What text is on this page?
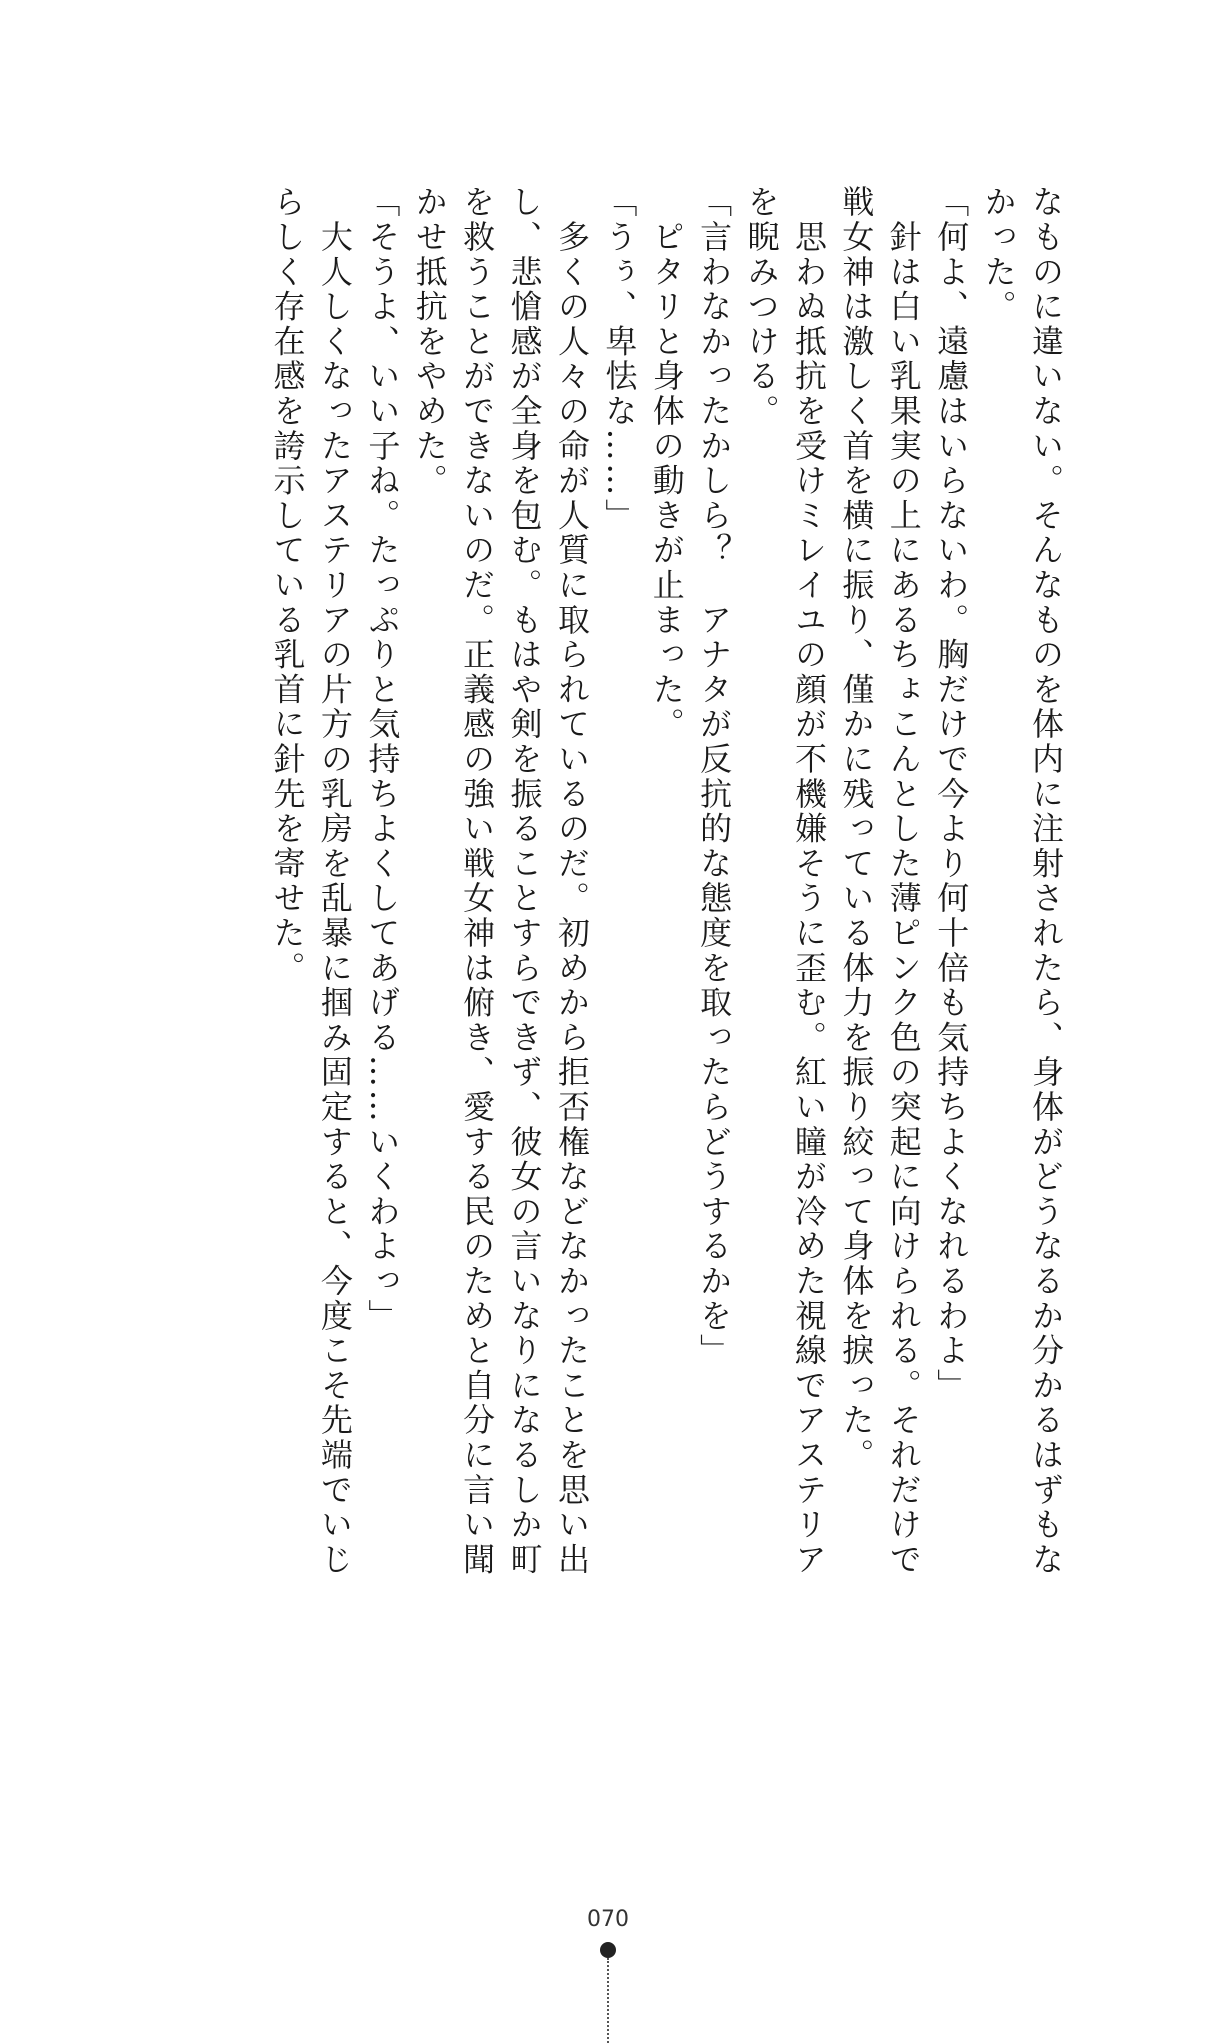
なものに違いない。そんなものを体内に注射されたら、身体がどうなるか分かるはずもな
かった。
「何よ、遠慮はいらないわ。胸だけで今より何十倍も気持ちよくなれるわよ」
　針は白い乳果実の上にあるちょこんとした薄ピンク色の突起に向けられる。それだけで
戦女神は激しく首を横に振り、僅かに残っている体力を振り絞って身体を捩った。
　思わぬ抵抗を受けミレイユの顔が不機嫌そうに歪む。紅い瞳が冷めた視線でアステリア
を睨みつける。
「言わなかったかしら？　アナタが反抗的な態度を取ったらどうするかを」
　ピタリと身体の動きが止まった。
「うぅ、卑怯な……」
　多くの人々の命が人質に取られているのだ。初めから拒否権などなかったことを思い出
し、悲愴感が全身を包む。もはや剣を振ることすらできず、彼女の言いなりになるしか町
を救うことができないのだ。正義感の強い戦女神は俯き、愛する民のためと自分に言い聞
かせ抵抗をやめた。
「そうよ、いい子ね。たっぷりと気持ちよくしてあげる……いくわよっ」
　大人しくなったアステリアの片方の乳房を乱暴に掴み固定すると、今度こそ先端でいじ
らしく存在感を誇示している乳首に針先を寄せた。
070
